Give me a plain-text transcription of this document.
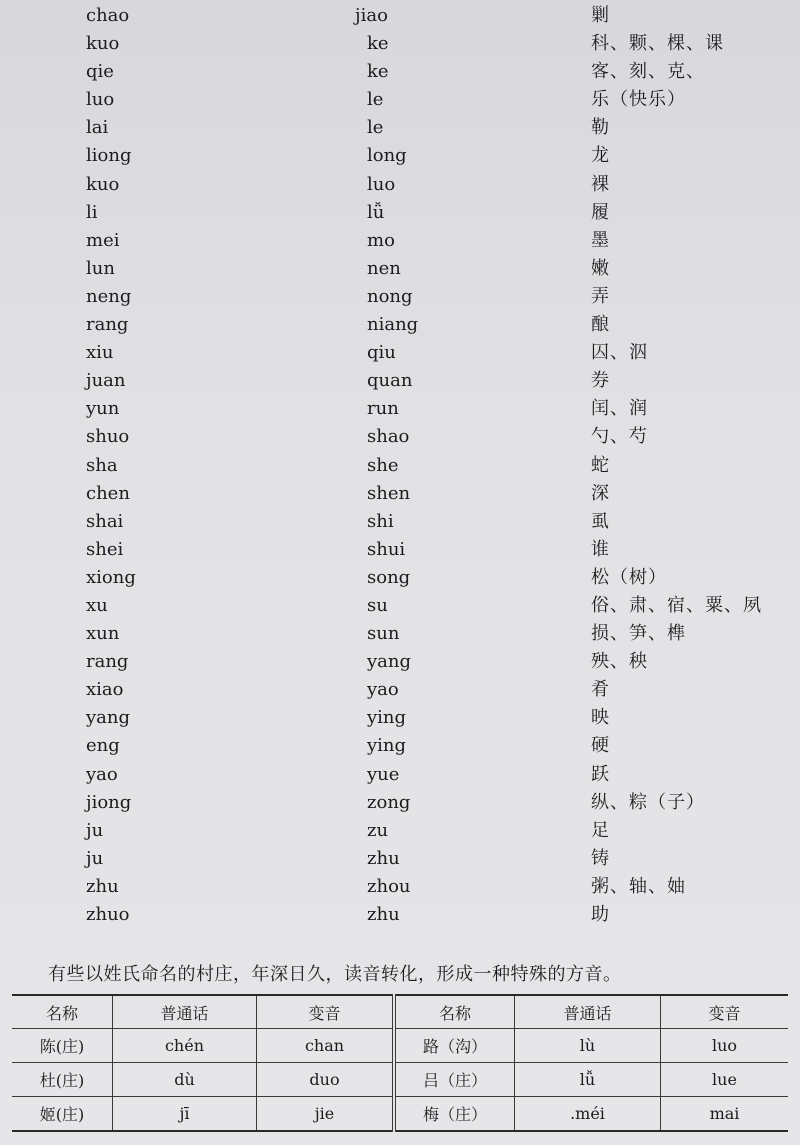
chao	jiao	剿
kuo	ke	科、颗、棵、课
qie	ke	客、刻、克、
luo	le	乐（快乐）
lai	le	勒
liong	long	龙
kuo	luo	裸
li	lǚ	履
mei	mo	墨
lun	nen	嫩
neng	nong	弄
rang	niang	酿
xiu	qiu	囚、泅
juan	quan	券
yun	run	闰、润
shuo	shao	勺、芍
sha	she	蛇
chen	shen	深
shai	shi	虱
shei	shui	谁
xiong	song	松（树）
xu	su	俗、肃、宿、粟、夙
xun	sun	损、笋、榫
rang	yang	殃、秧
xiao	yao	肴
yang	ying	映
eng	ying	硬
yao	yue	跃
jiong	zong	纵、粽（子）
ju	zu	足
ju	zhu	铸
zhu	zhou	粥、轴、妯
zhuo	zhu	助
有些以姓氏命名的村庄，年深日久，读音转化，形成一种特殊的方音。
名称	普通话	变音	名称	普通话	变音
陈(庄)	chén	chan	路（沟）	lù	luo
杜(庄)	dù	duo	吕（庄）	lǚ	lue
姬(庄)	jī	jie	梅（庄）	.méi	mai
